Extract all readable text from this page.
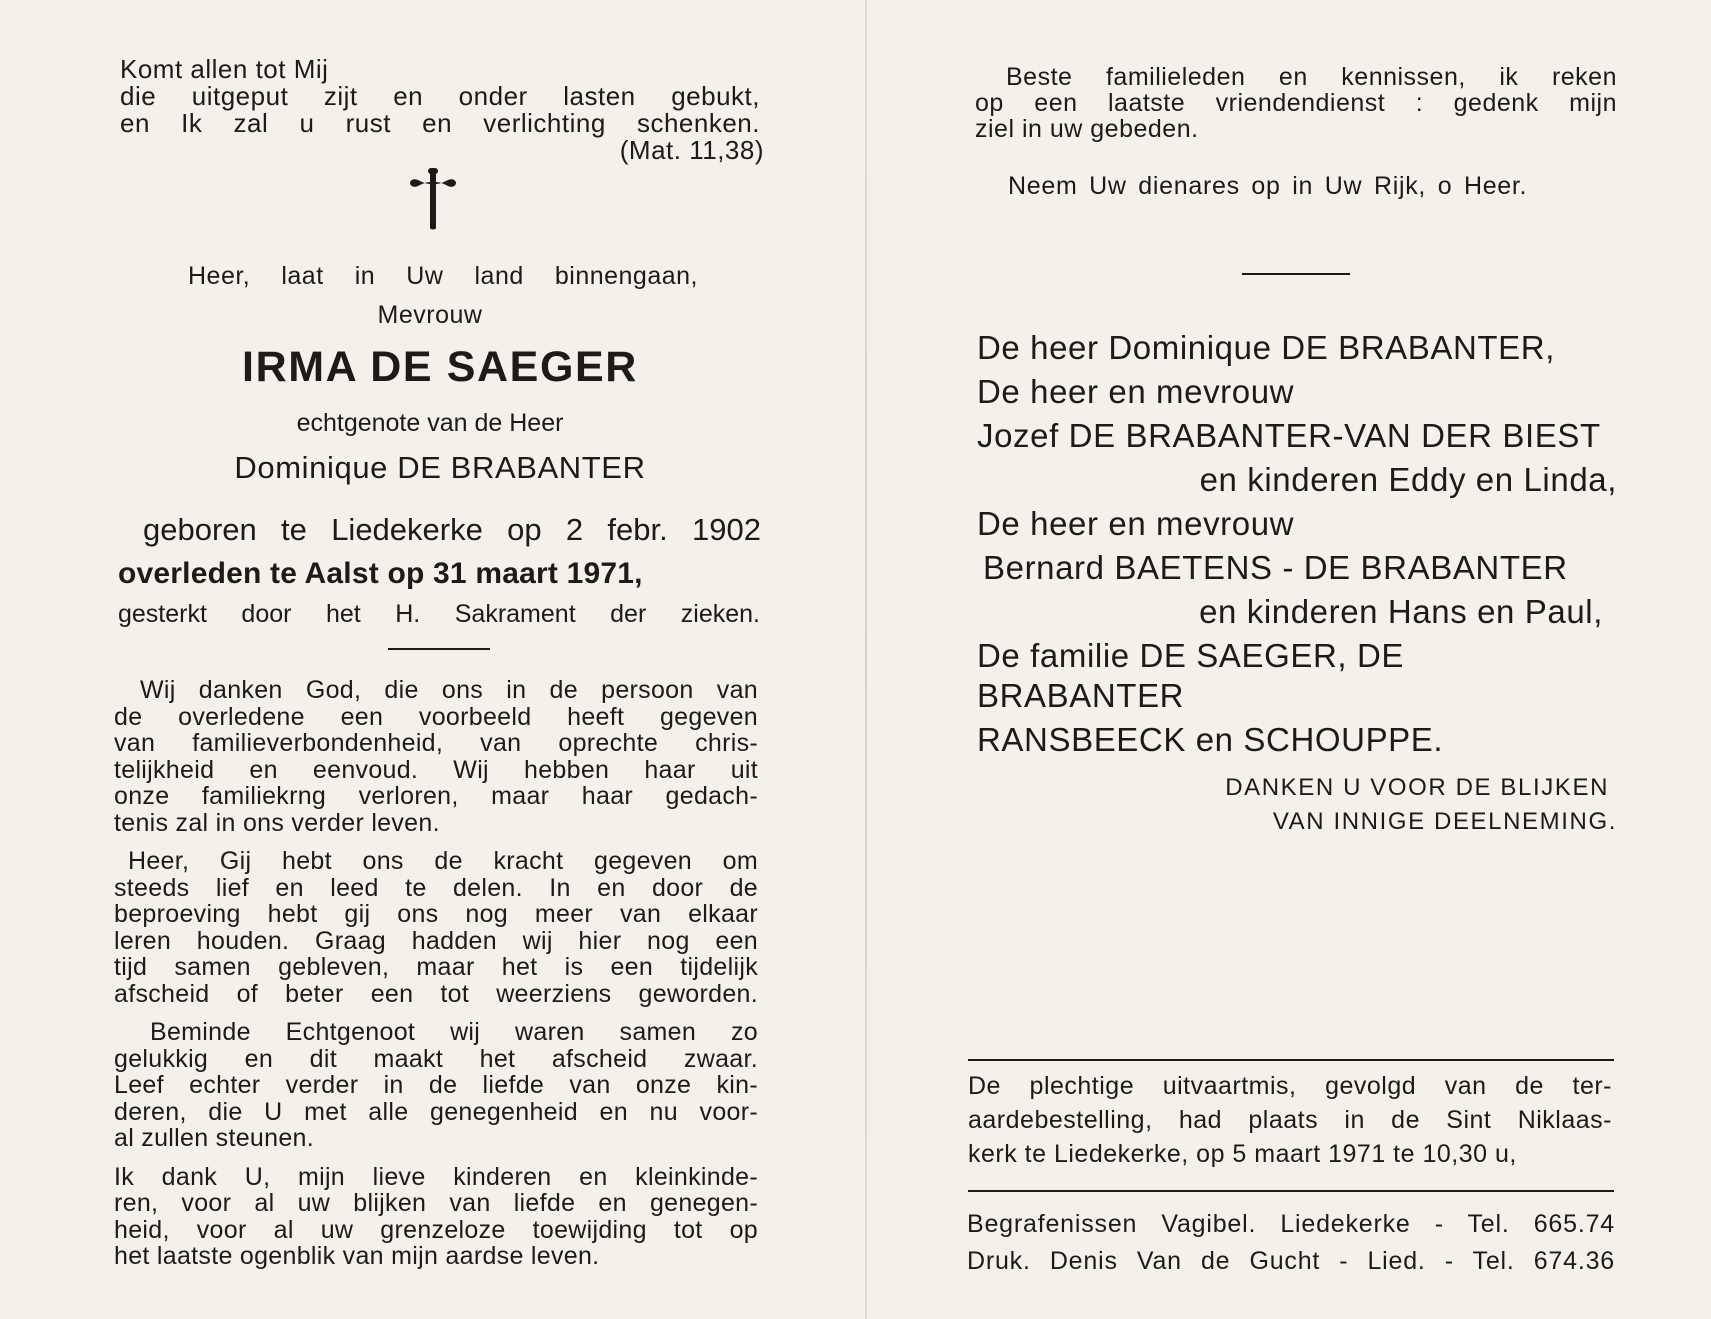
Komt allen tot Mij
die uitgeput zijt en onder lasten gebukt,
en Ik zal u rust en verlichting schenken.
(Mat. 11,38)
Heer, laat in Uw land binnengaan,
Mevrouw
IRMA DE SAEGER
echtgenote van de Heer
Dominique DE BRABANTER
geboren te Liedekerke op 2 febr. 1902
overleden te Aalst op 31 maart 1971,
gesterkt door het H. Sakrament der zieken.
Wij danken God, die ons in de persoon van
de overledene een voorbeeld heeft gegeven
van familieverbondenheid, van oprechte chris-
telijkheid en eenvoud. Wij hebben haar uit
onze familiekrng verloren, maar haar gedach-
tenis zal in ons verder leven.
Heer, Gij hebt ons de kracht gegeven om
steeds lief en leed te delen. In en door de
beproeving hebt gij ons nog meer van elkaar
leren houden. Graag hadden wij hier nog een
tijd samen gebleven, maar het is een tijdelijk
afscheid of beter een tot weerziens geworden.
Beminde Echtgenoot wij waren samen zo
gelukkig en dit maakt het afscheid zwaar.
Leef echter verder in de liefde van onze kin-
deren, die U met alle genegenheid en nu voor-
al zullen steunen.
Ik dank U, mijn lieve kinderen en kleinkinde-
ren, voor al uw blijken van liefde en genegen-
heid, voor al uw grenzeloze toewijding tot op
het laatste ogenblik van mijn aardse leven.
Beste familieleden en kennissen, ik reken
op een laatste vriendendienst : gedenk mijn
ziel in uw gebeden.
Neem Uw dienares op in Uw Rijk, o Heer.
De heer Dominique DE BRABANTER,
De heer en mevrouw
Jozef DE BRABANTER-VAN DER BIEST
en kinderen Eddy en Linda,
De heer en mevrouw
Bernard BAETENS - DE BRABANTER
en kinderen Hans en Paul,
De familie DE SAEGER, DE BRABANTER
RANSBEECK en SCHOUPPE.
DANKEN U VOOR DE BLIJKEN
VAN INNIGE DEELNEMING.
De plechtige uitvaartmis, gevolgd van de ter-
aardebestelling, had plaats in de Sint Niklaas-
kerk te Liedekerke, op 5 maart 1971 te 10,30 u,
Begrafenissen Vagibel. Liedekerke - Tel. 665.74
Druk. Denis Van de Gucht - Lied. - Tel. 674.36
